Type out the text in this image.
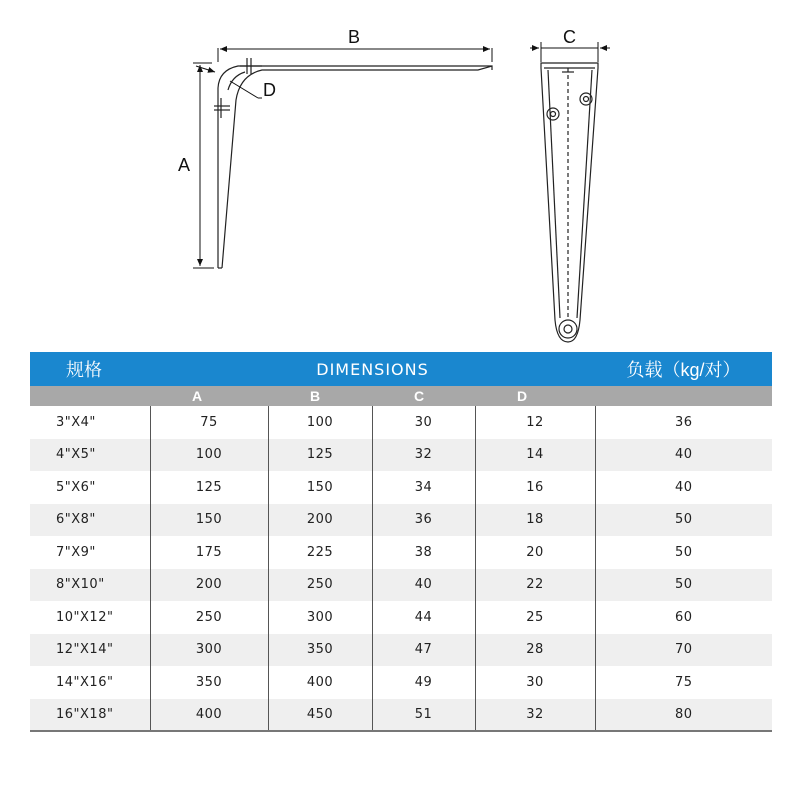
B
A
D
C
规格	DIMENSIONS				负载（kg/对）
	A	B	C	D	
3"X4"	75	100	30	12	36
4"X5"	100	125	32	14	40
5"X6"	125	150	34	16	40
6"X8"	150	200	36	18	50
7"X9"	175	225	38	20	50
8"X10"	200	250	40	22	50
10"X12"	250	300	44	25	60
12"X14"	300	350	47	28	70
14"X16"	350	400	49	30	75
16"X18"	400	450	51	32	80
